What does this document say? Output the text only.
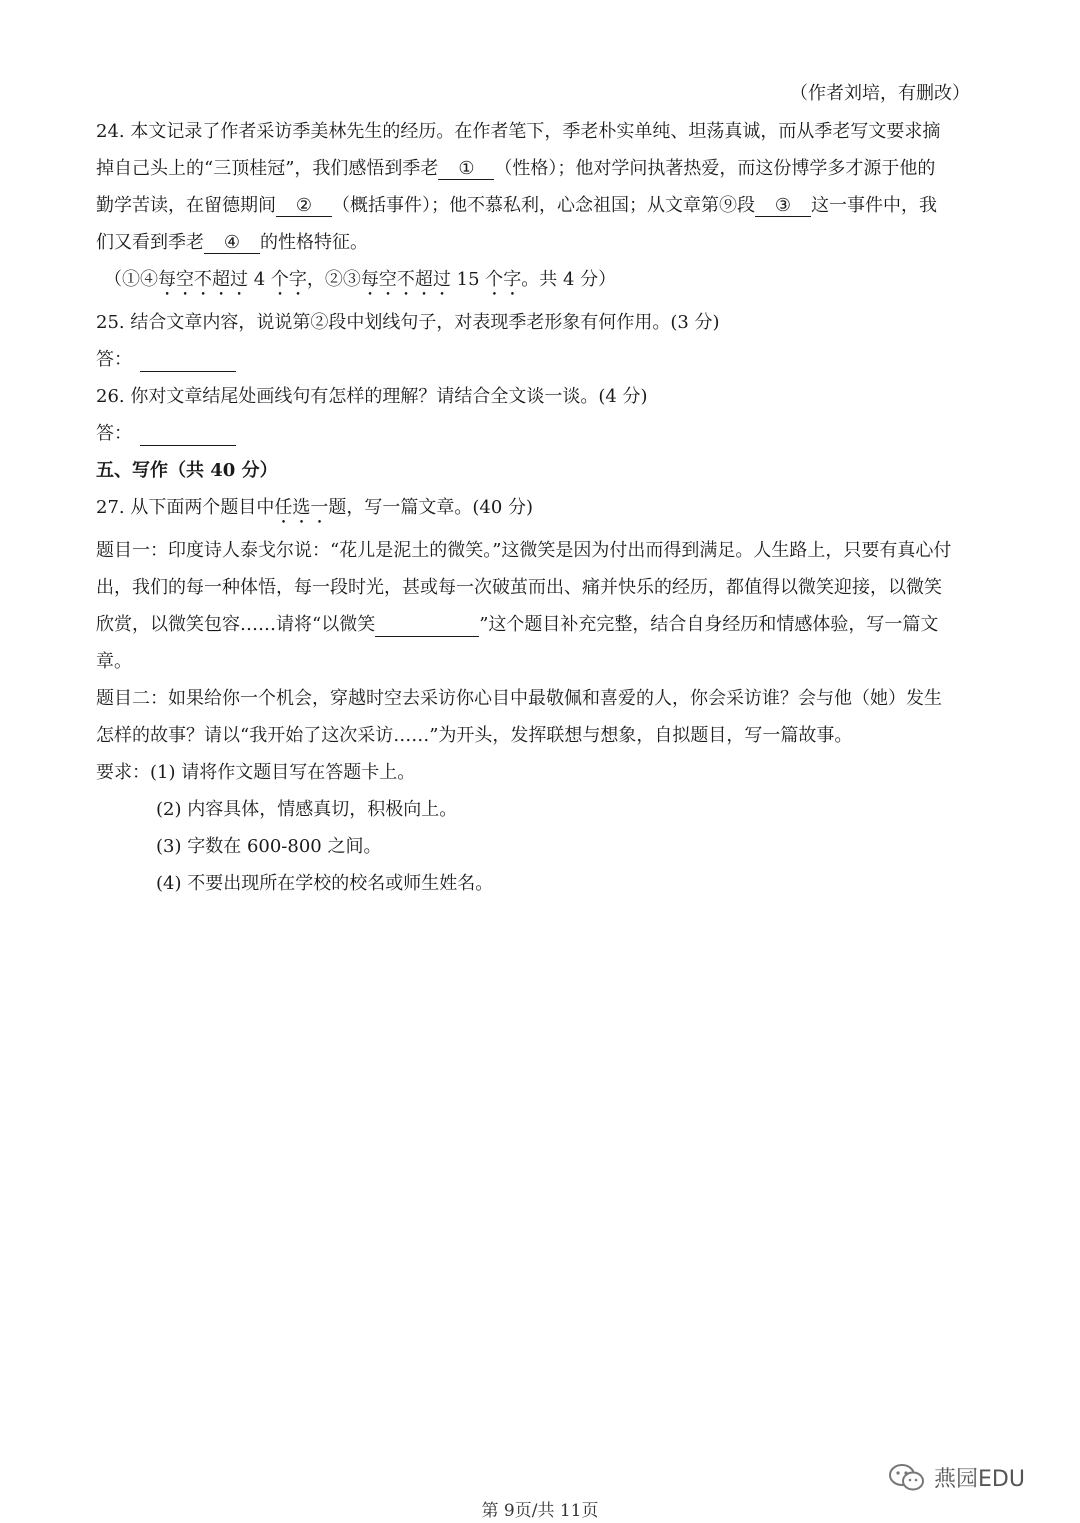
（作者刘培，有删改）
24. 本文记录了作者采访季美林先生的经历。在作者笔下，季老朴实单纯、坦荡真诚，而从季老写文要求摘
掉自己头上的“三顶桂冠”，我们感悟到季老 ① （性格）；他对学问执著热爱，而这份博学多才源于他的
勤学苦读，在留德期间 ② （概括事件）；他不慕私利，心念祖国；从文章第⑨段 ③ 这一事件中，我
们又看到季老 ④ 的性格特征。
（①④每空不超过 4 个字，②③每空不超过 15 个字。共 4 分）
25. 结合文章内容，说说第②段中划线句子，对表现季老形象有何作用。(3 分)
答：
26. 你对文章结尾处画线句有怎样的理解？请结合全文谈一谈。(4 分)
答：
五、写作（共 40 分）
27. 从下面两个题目中任选一题，写一篇文章。(40 分)
题目一：印度诗人泰戈尔说：“花儿是泥土的微笑。”这微笑是因为付出而得到满足。人生路上，只要有真心付
出，我们的每一种体悟，每一段时光，甚或每一次破茧而出、痛并快乐的经历，都值得以微笑迎接，以微笑
欣赏，以微笑包容……请将“以微笑	”这个题目补充完整，结合自身经历和情感体验，写一篇文
章。
题目二：如果给你一个机会，穿越时空去采访你心目中最敬佩和喜爱的人，你会采访谁？会与他（她）发生
怎样的故事？请以“我开始了这次采访……”为开头，发挥联想与想象，自拟题目，写一篇故事。
要求：(1) 请将作文题目写在答题卡上。
(2) 内容具体，情感真切，积极向上。
(3) 字数在 600-800 之间。
(4) 不要出现所在学校的校名或师生姓名。
燕园EDU
第 9页/共 11页
